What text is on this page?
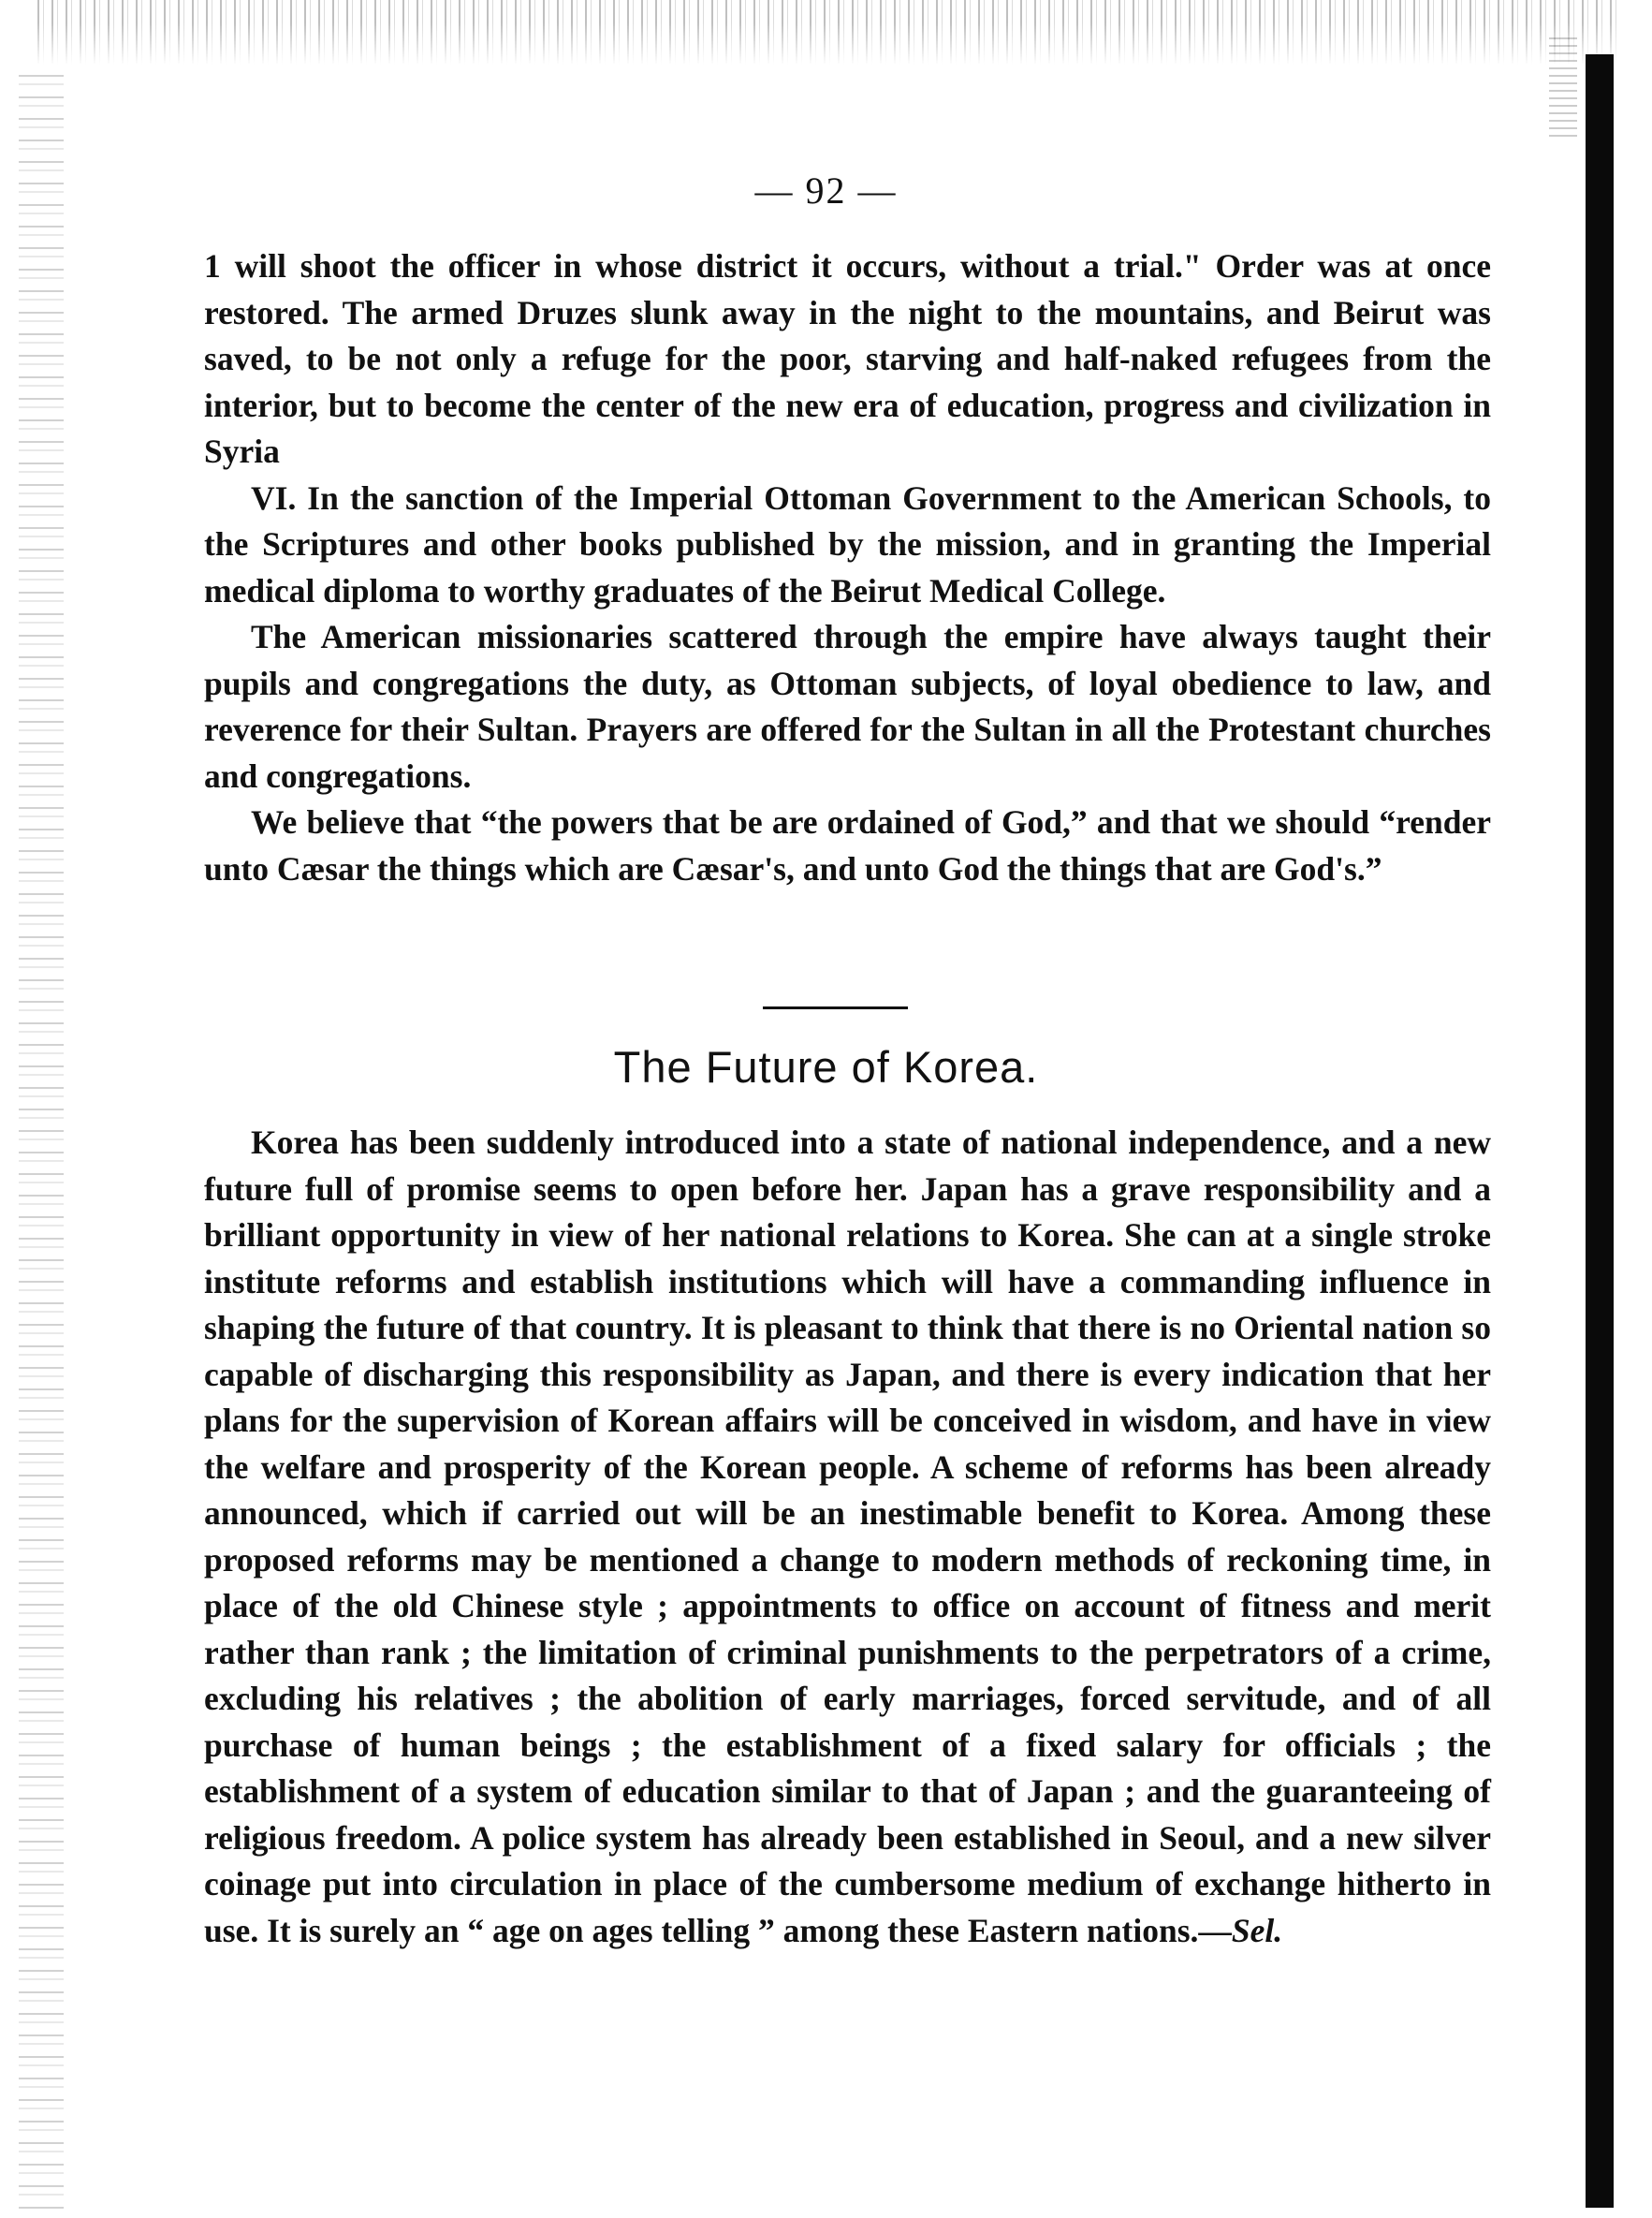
— 92 —

1 will shoot the officer in whose district it occurs, without a trial." Order was at once restored. The armed Druzes slunk away in the night to the mountains, and Beirut was saved, to be not only a refuge for the poor, starving and half-naked refugees from the interior, but to become the center of the new era of education, progress and civilization in Syria

VI. In the sanction of the Imperial Ottoman Government to the American Schools, to the Scriptures and other books published by the mission, and in granting the Imperial medical diploma to worthy graduates of the Beirut Medical College.

The American missionaries scattered through the empire have always taught their pupils and congregations the duty, as Ottoman subjects, of loyal obedience to law, and reverence for their Sultan. Prayers are offered for the Sultan in all the Protestant churches and congregations.

We believe that “the powers that be are ordained of God,” and that we should “render unto Cæsar the things which are Cæsar's, and unto God the things that are God's.”

The Future of Korea.

Korea has been suddenly introduced into a state of national independence, and a new future full of promise seems to open before her. Japan has a grave responsibility and a brilliant opportunity in view of her national relations to Korea. She can at a single stroke institute reforms and establish institutions which will have a commanding influence in shaping the future of that country. It is pleasant to think that there is no Oriental nation so capable of discharging this responsibility as Japan, and there is every indication that her plans for the supervision of Korean affairs will be conceived in wisdom, and have in view the welfare and prosperity of the Korean people. A scheme of reforms has been already announced, which if carried out will be an inestimable benefit to Korea. Among these proposed reforms may be mentioned a change to modern methods of reckoning time, in place of the old Chinese style ; appointments to office on account of fitness and merit rather than rank ; the limitation of criminal punishments to the perpetrators of a crime, excluding his relatives ; the abolition of early marriages, forced servitude, and of all purchase of human beings ; the establishment of a fixed salary for officials ; the establishment of a system of education similar to that of Japan ; and the guaranteeing of religious freedom. A police system has already been established in Seoul, and a new silver coinage put into circulation in place of the cumbersome medium of exchange hitherto in use. It is surely an “ age on ages telling ” among these Eastern nations.—Sel.
